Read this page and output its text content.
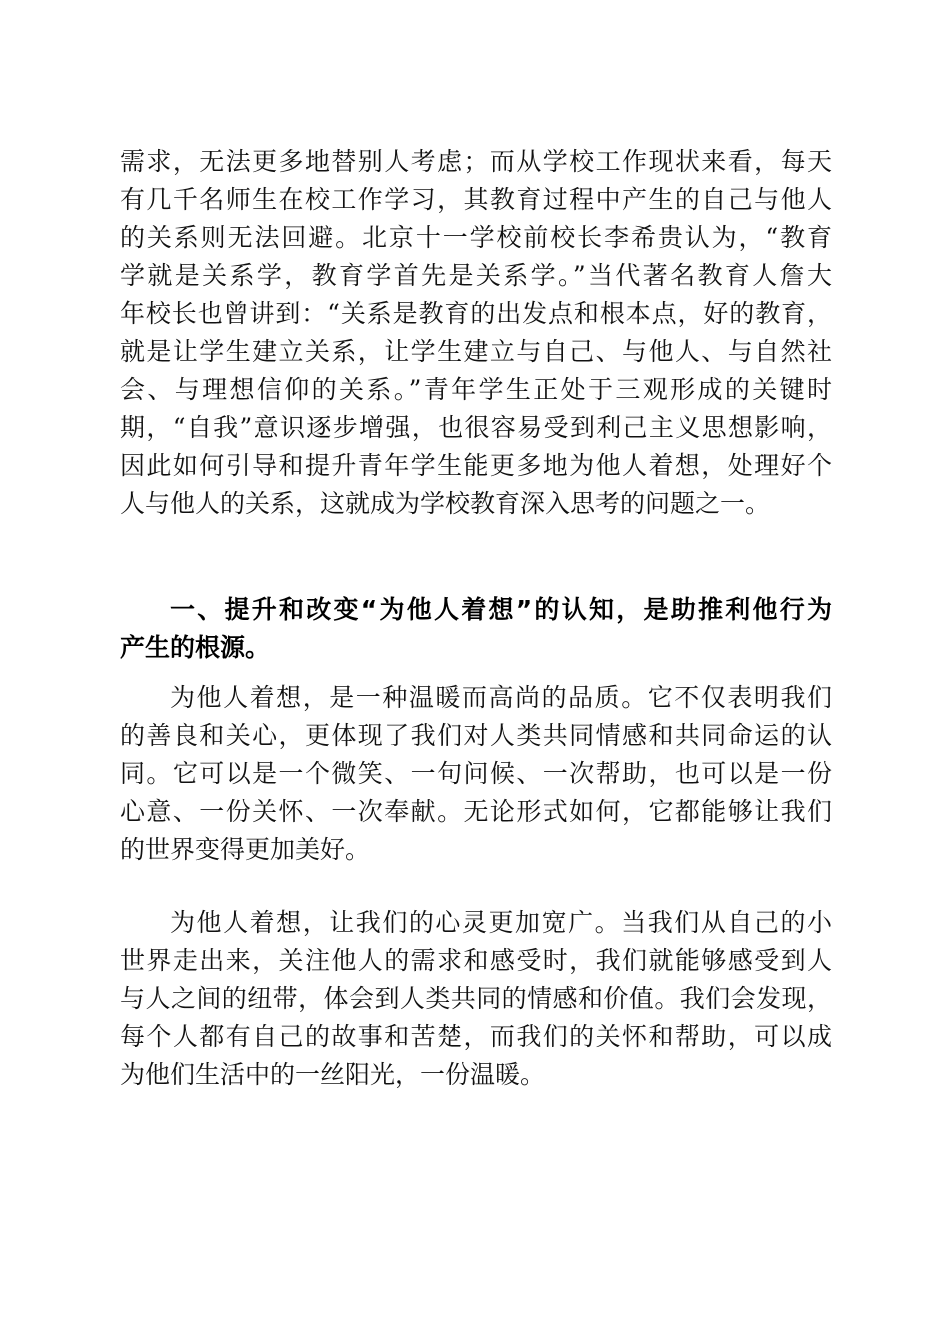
需求，无法更多地替别人考虑；而从学校工作现状来看，每天
有几千名师生在校工作学习，其教育过程中产生的自己与他人
的关系则无法回避。北京十一学校前校长李希贵认为，“教育
学就是关系学，教育学首先是关系学。”当代著名教育人詹大
年校长也曾讲到：“关系是教育的出发点和根本点，好的教育，
就是让学生建立关系，让学生建立与自己、与他人、与自然社
会、与理想信仰的关系。”青年学生正处于三观形成的关键时
期，“自我”意识逐步增强，也很容易受到利己主义思想影响，
因此如何引导和提升青年学生能更多地为他人着想，处理好个
人与他人的关系，这就成为学校教育深入思考的问题之一。
一、提升和改变“为他人着想”的认知，是助推利他行为
产生的根源。
为他人着想，是一种温暖而高尚的品质。它不仅表明我们
的善良和关心，更体现了我们对人类共同情感和共同命运的认
同。它可以是一个微笑、一句问候、一次帮助，也可以是一份
心意、一份关怀、一次奉献。无论形式如何，它都能够让我们
的世界变得更加美好。
为他人着想，让我们的心灵更加宽广。当我们从自己的小
世界走出来，关注他人的需求和感受时，我们就能够感受到人
与人之间的纽带，体会到人类共同的情感和价值。我们会发现，
每个人都有自己的故事和苦楚，而我们的关怀和帮助，可以成
为他们生活中的一丝阳光，一份温暖。
